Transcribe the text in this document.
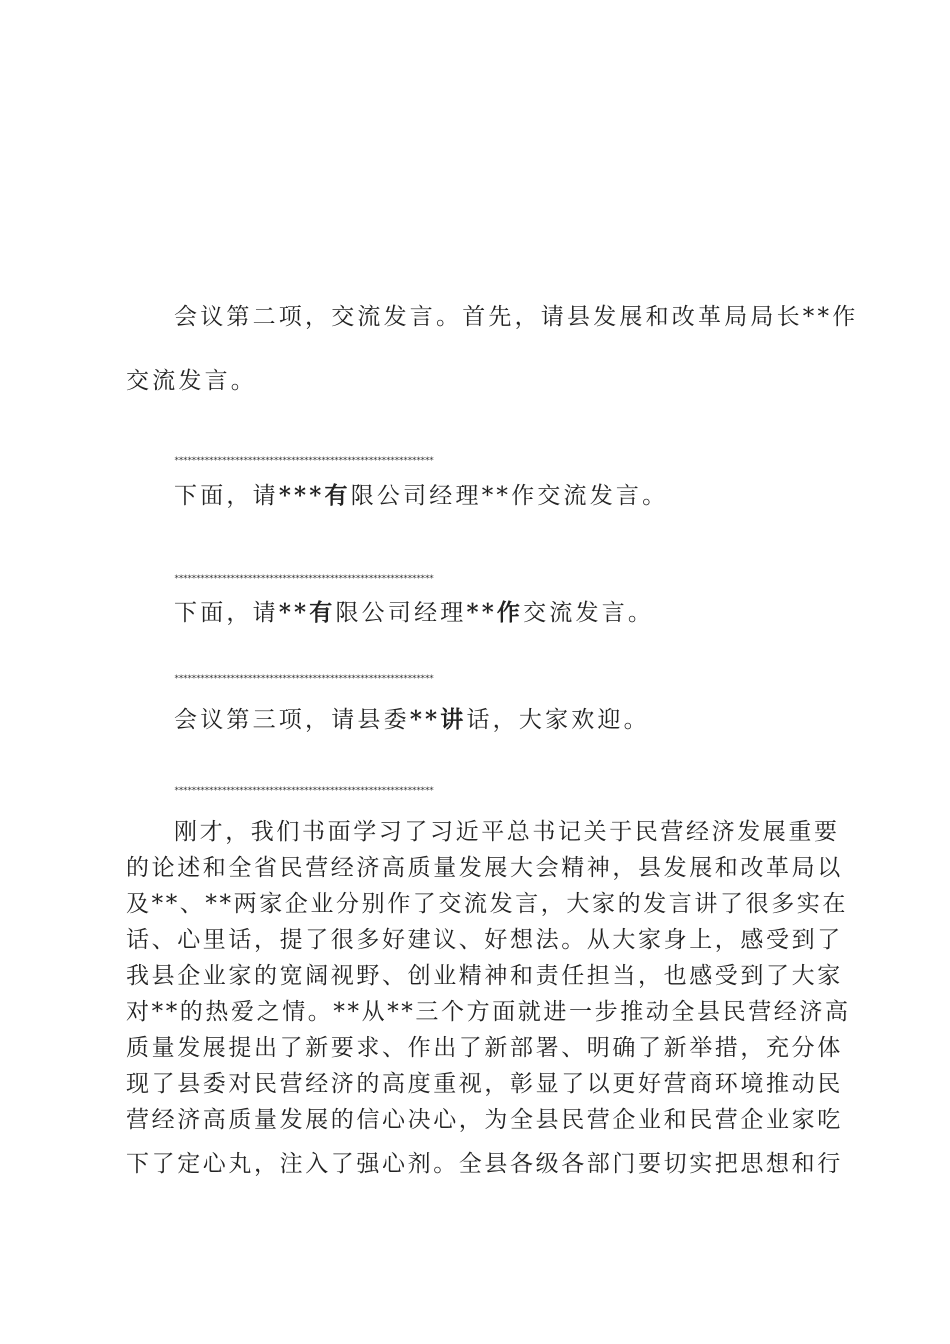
会议第二项，交流发言。首先，请县发展和改革局局长**作
交流发言。
************************************************************
下面，请***有限公司经理**作交流发言。
************************************************************
下面，请**有限公司经理**作交流发言。
************************************************************
会议第三项，请县委**讲话，大家欢迎。
************************************************************
刚才，我们书面学习了习近平总书记关于民营经济发展重要
的论述和全省民营经济高质量发展大会精神，县发展和改革局以
及**、**两家企业分别作了交流发言，大家的发言讲了很多实在
话、心里话，提了很多好建议、好想法。从大家身上，感受到了
我县企业家的宽阔视野、创业精神和责任担当，也感受到了大家
对**的热爱之情。**从**三个方面就进一步推动全县民营经济高
质量发展提出了新要求、作出了新部署、明确了新举措，充分体
现了县委对民营经济的高度重视，彰显了以更好营商环境推动民
营经济高质量发展的信心决心，为全县民营企业和民营企业家吃
下了定心丸，注入了强心剂。全县各级各部门要切实把思想和行
